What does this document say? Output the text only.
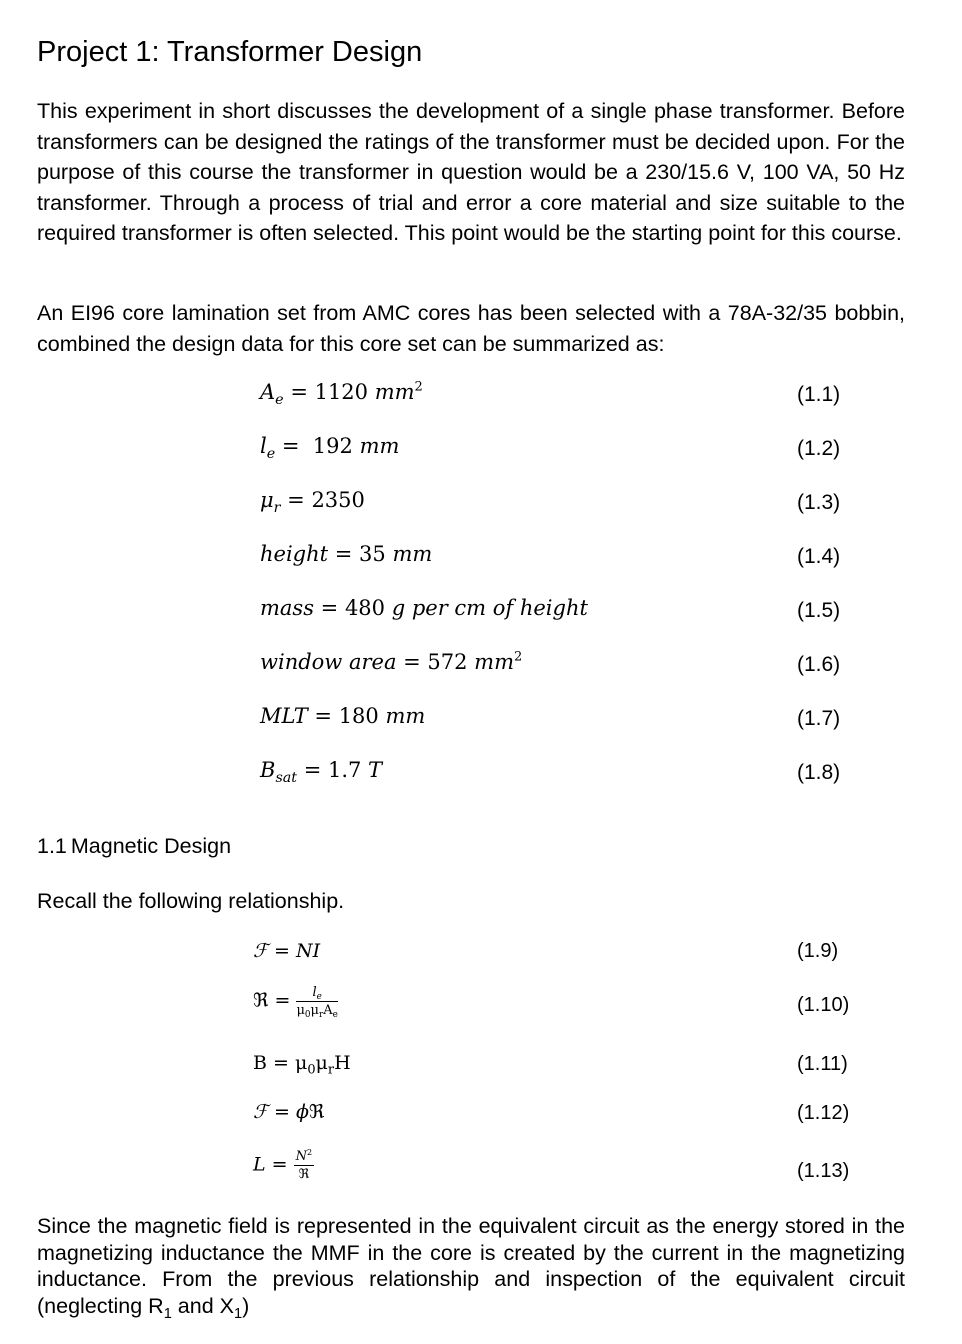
Project 1: Transformer Design
This experiment in short discusses the development of a single phase transformer. Before transformers can be designed the ratings of the transformer must be decided upon. For the purpose of this course the transformer in question would be a 230/15.6 V, 100 VA, 50 Hz transformer. Through a process of trial and error a core material and size suitable to the required transformer is often selected. This point would be the starting point for this course.
An EI96 core lamination set from AMC cores has been selected with a 78A-32/35 bobbin, combined the design data for this core set can be summarized as:
$A_e = 1120$ $mm^2$	(1.1)
$l_e = 192$ mm	(1.2)
$\mu_r = 2350$	(1.3)
height = 35 mm	(1.4)
mass = 480 g per cm of height	(1.5)
window area = 572 $mm^2$	(1.6)
MLT = 180 mm	(1.7)
$B_{sat} = 1.7$ T	(1.8)
1.1 Magnetic Design
Recall the following relationship.
ℱ = NI	(1.9)
ℜ = $\frac{l_e}{\mu_0\mu_rA_e}$	(1.10)
$B = \mu_0\mu_rH$	(1.11)
ℱ = ϕℜ	(1.12)
$L = \frac{N^2}{\text{ℜ}}$	(1.13)
Since the magnetic field is represented in the equivalent circuit as the energy stored in the magnetizing inductance the MMF in the core is created by the current in the magnetizing inductance. From the previous relationship and inspection of the equivalent circuit (neglecting $R_1$ and $X_1$)
